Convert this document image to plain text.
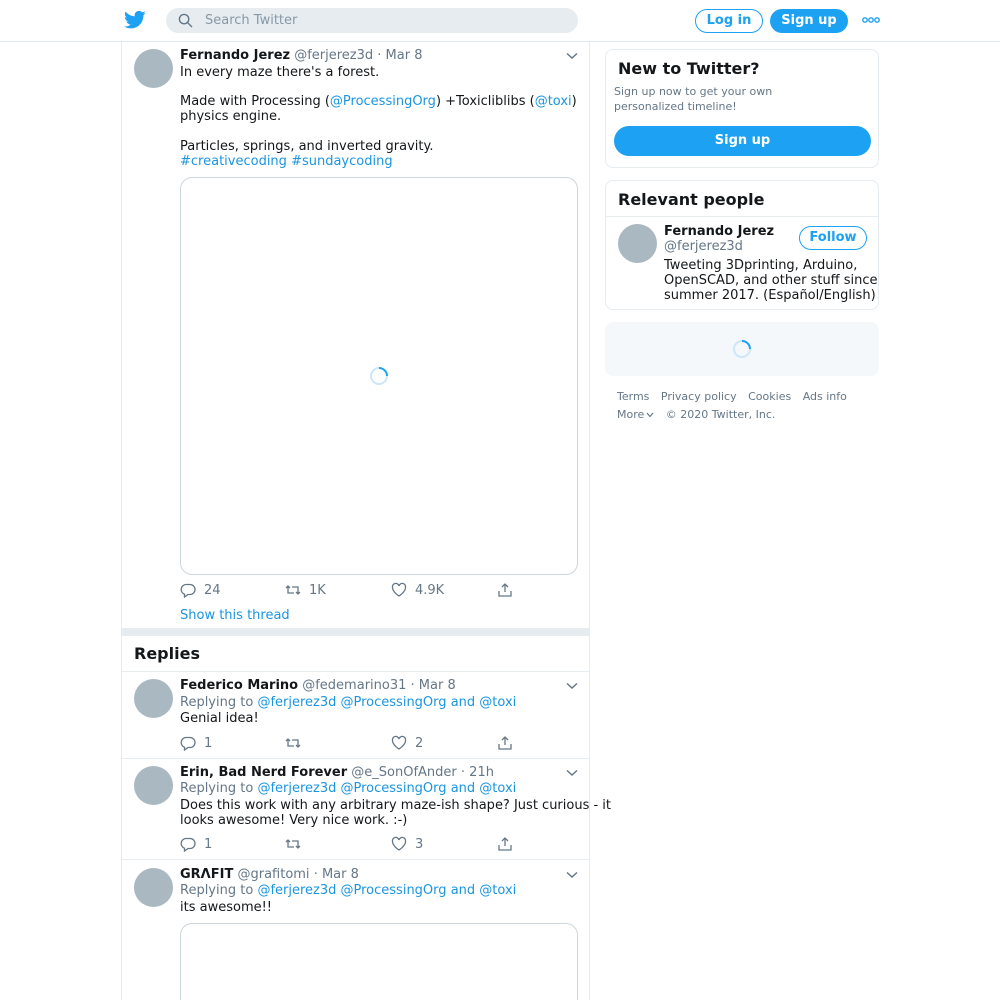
Search Twitter	Log in	Sign up
Fernando Jerez @ferjerez3d · Mar 8
In every maze there's a forest.
Made with Processing (@ProcessingOrg) +Toxicliblibs (@toxi)
physics engine.
Particles, springs, and inverted gravity.
#creativecoding #sundaycoding
24	1K	4.9K
Show this thread
Replies
Federico Marino @fedemarino31 · Mar 8
Replying to @ferjerez3d @ProcessingOrg and @toxi
Genial idea!
1	2
Erin, Bad Nerd Forever @e_SonOfAnder · 21h
Replying to @ferjerez3d @ProcessingOrg and @toxi
Does this work with any arbitrary maze-ish shape? Just curious - it
looks awesome! Very nice work. :-)
1	3
GRΛFIT @grafitomi · Mar 8
Replying to @ferjerez3d @ProcessingOrg and @toxi
its awesome!!
New to Twitter?
Sign up now to get your own personalized timeline!
Sign up
Relevant people
Fernando Jerez
@ferjerez3d
Follow
Tweeting 3Dprinting, Arduino,
OpenSCAD, and other stuff since
summer 2017. (Español/English)
Terms Privacy policy Cookies Ads info
More © 2020 Twitter, Inc.
